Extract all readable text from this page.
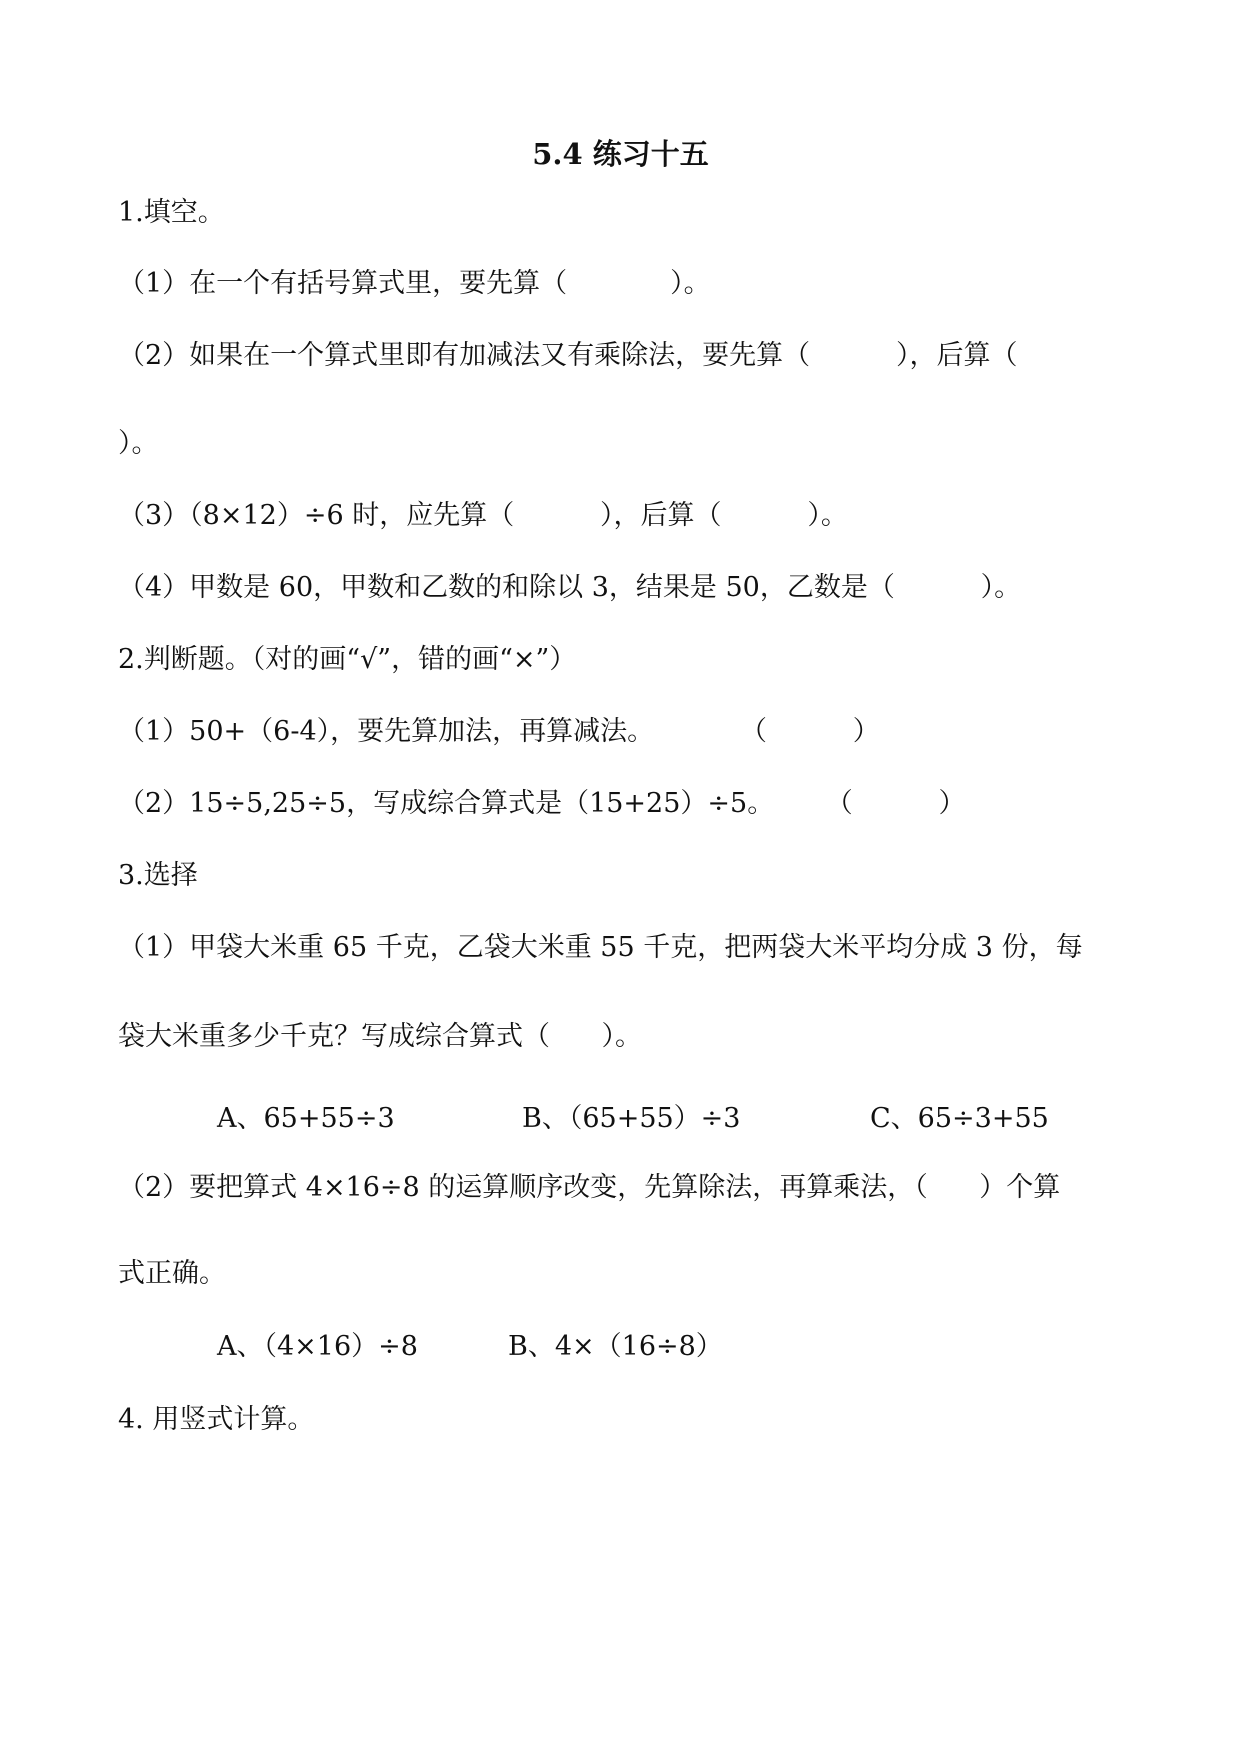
5.4 练习十五
1.填空。
（1）在一个有括号算式里，要先算（            ）。
（2）如果在一个算式里即有加减法又有乘除法，要先算（          ），后算（
）。
（3）（8×12）÷6 时，应先算（          ），后算（          ）。
（4）甲数是 60，甲数和乙数的和除以 3，结果是 50，乙数是（          ）。
2.判断题。（对的画“√”，错的画“×”）
（1）50+（6-4），要先算加法，再算减法。          （          ）
（2）15÷5,25÷5，写成综合算式是（15+25）÷5。      （          ）
3.选择
（1）甲袋大米重 65 千克，乙袋大米重 55 千克，把两袋大米平均分成 3 份，每
袋大米重多少千克？写成综合算式（      ）。
A、65+55÷3	B、（65+55）÷3	C、65÷3+55
（2）要把算式 4×16÷8 的运算顺序改变，先算除法，再算乘法，（      ）个算
式正确。
A、（4×16）÷8	B、4×（16÷8）
4. 用竖式计算。
